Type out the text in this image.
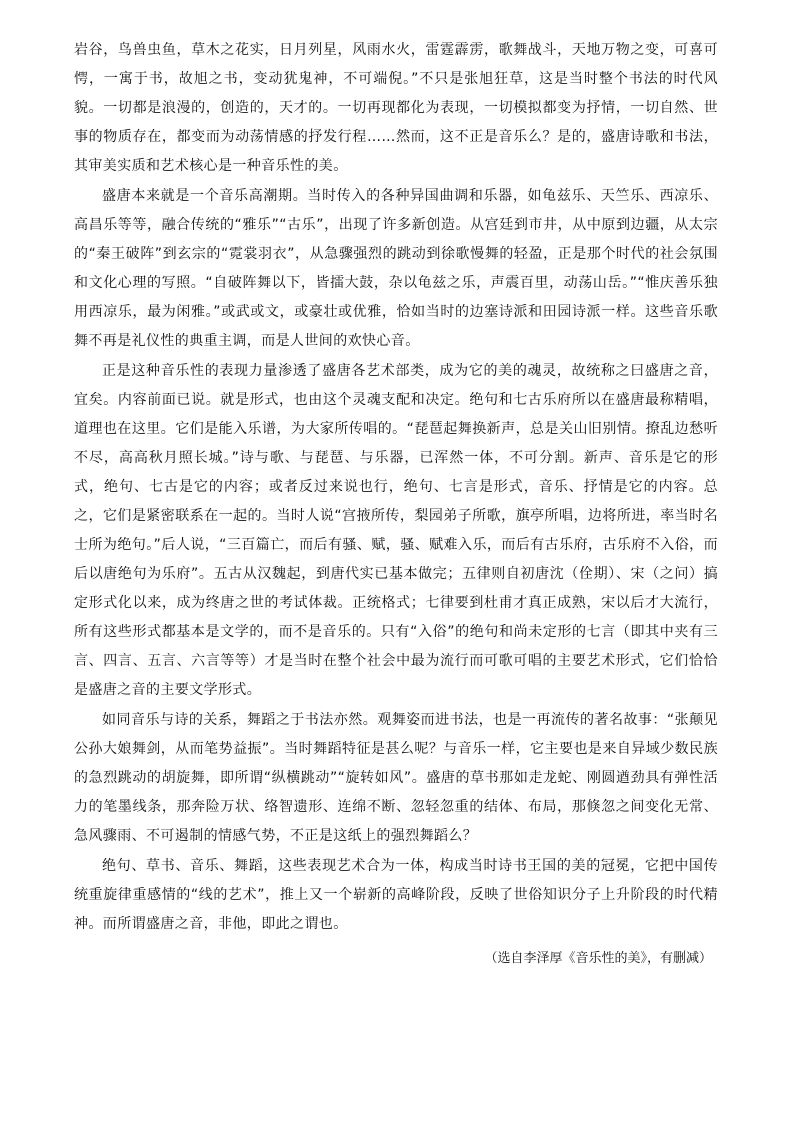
岩谷，鸟兽虫鱼，草木之花实，日月列星，风雨水火，雷霆霹雳，歌舞战斗，天地万物之变，可喜可愕，一寓于书，故旭之书，变动犹鬼神，不可端倪。”不只是张旭狂草，这是当时整个书法的时代风貌。一切都是浪漫的，创造的，天才的。一切再现都化为表现，一切模拟都变为抒情，一切自然、世事的物质存在，都变而为动荡情感的抒发行程……然而，这不正是音乐么？是的，盛唐诗歌和书法，其审美实质和艺术核心是一种音乐性的美。

盛唐本来就是一个音乐高潮期。当时传入的各种异国曲调和乐器，如龟兹乐、天竺乐、西凉乐、高昌乐等等，融合传统的“雅乐”“古乐”，出现了许多新创造。从宫廷到市井，从中原到边疆，从太宗的“秦王破阵”到玄宗的“霓裳羽衣”，从急骤强烈的跳动到徐歌慢舞的轻盈，正是那个时代的社会氛围和文化心理的写照。“自破阵舞以下，皆擂大鼓，杂以龟兹之乐，声震百里，动荡山岳。”“惟庆善乐独用西凉乐，最为闲雅。”或武或文，或豪壮或优雅，恰如当时的边塞诗派和田园诗派一样。这些音乐歌舞不再是礼仪性的典重主调，而是人世间的欢快心音。

正是这种音乐性的表现力量渗透了盛唐各艺术部类，成为它的美的魂灵，故统称之曰盛唐之音，宜矣。内容前面已说。就是形式，也由这个灵魂支配和决定。绝句和七古乐府所以在盛唐最称精唱，道理也在这里。它们是能入乐谱，为大家所传唱的。“琵琶起舞换新声，总是关山旧别情。撩乱边愁听不尽，高高秋月照长城。”诗与歌、与琵琶、与乐器，已浑然一体，不可分割。新声、音乐是它的形式，绝句、七古是它的内容；或者反过来说也行，绝句、七言是形式，音乐、抒情是它的内容。总之，它们是紧密联系在一起的。当时人说“宫掖所传，梨园弟子所歌，旗亭所唱，边将所进，率当时名士所为绝句。”后人说，“三百篇亡，而后有骚、赋，骚、赋难入乐，而后有古乐府，古乐府不入俗，而后以唐绝句为乐府”。五古从汉魏起，到唐代实已基本做完；五律则自初唐沈（佺期）、宋（之问）搞定形式化以来，成为终唐之世的考试体裁。正统格式；七律要到杜甫才真正成熟，宋以后才大流行，所有这些形式都基本是文学的，而不是音乐的。只有“入俗”的绝句和尚未定形的七言（即其中夹有三言、四言、五言、六言等等）才是当时在整个社会中最为流行而可歌可唱的主要艺术形式，它们恰恰是盛唐之音的主要文学形式。

如同音乐与诗的关系，舞蹈之于书法亦然。观舞姿而进书法，也是一再流传的著名故事：“张颠见公孙大娘舞剑，从而笔势益振”。当时舞蹈特征是甚么呢？与音乐一样，它主要也是来自异域少数民族的急烈跳动的胡旋舞，即所谓“纵横跳动”“旋转如风”。盛唐的草书那如走龙蛇、刚圆遒劲具有弹性活力的笔墨线条，那奔险万状、络智遗形、连绵不断、忽轻忽重的结体、布局，那倏忽之间变化无常、急风骤雨、不可遏制的情感气势，不正是这纸上的强烈舞蹈么？

绝句、草书、音乐、舞蹈，这些表现艺术合为一体，构成当时诗书王国的美的冠冕，它把中国传统重旋律重感情的“线的艺术”，推上又一个崭新的高峰阶段，反映了世俗知识分子上升阶段的时代精神。而所谓盛唐之音，非他，即此之谓也。

（选自李泽厚《音乐性的美》，有删减）
